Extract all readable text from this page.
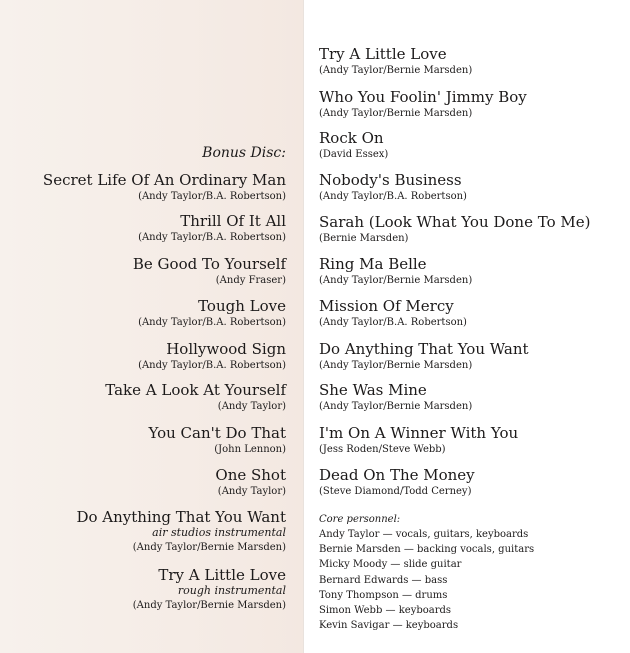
Bonus Disc:
Secret Life Of An Ordinary Man
(Andy Taylor/B.A. Robertson)
Thrill Of It All
(Andy Taylor/B.A. Robertson)
Be Good To Yourself
(Andy Fraser)
Tough Love
(Andy Taylor/B.A. Robertson)
Hollywood Sign
(Andy Taylor/B.A. Robertson)
Take A Look At Yourself
(Andy Taylor)
You Can't Do That
(John Lennon)
One Shot
(Andy Taylor)
Do Anything That You Want
air studios instrumental
(Andy Taylor/Bernie Marsden)
Try A Little Love
rough instrumental
(Andy Taylor/Bernie Marsden)
Try A Little Love
(Andy Taylor/Bernie Marsden)
Who You Foolin' Jimmy Boy
(Andy Taylor/Bernie Marsden)
Rock On
(David Essex)
Nobody's Business
(Andy Taylor/B.A. Robertson)
Sarah (Look What You Done To Me)
(Bernie Marsden)
Ring Ma Belle
(Andy Taylor/Bernie Marsden)
Mission Of Mercy
(Andy Taylor/B.A. Robertson)
Do Anything That You Want
(Andy Taylor/Bernie Marsden)
She Was Mine
(Andy Taylor/Bernie Marsden)
I'm On A Winner With You
(Jess Roden/Steve Webb)
Dead On The Money
(Steve Diamond/Todd Cerney)
Core personnel:
Andy Taylor — vocals, guitars, keyboards
Bernie Marsden — backing vocals, guitars
Micky Moody — slide guitar
Bernard Edwards — bass
Tony Thompson — drums
Simon Webb — keyboards
Kevin Savigar — keyboards
